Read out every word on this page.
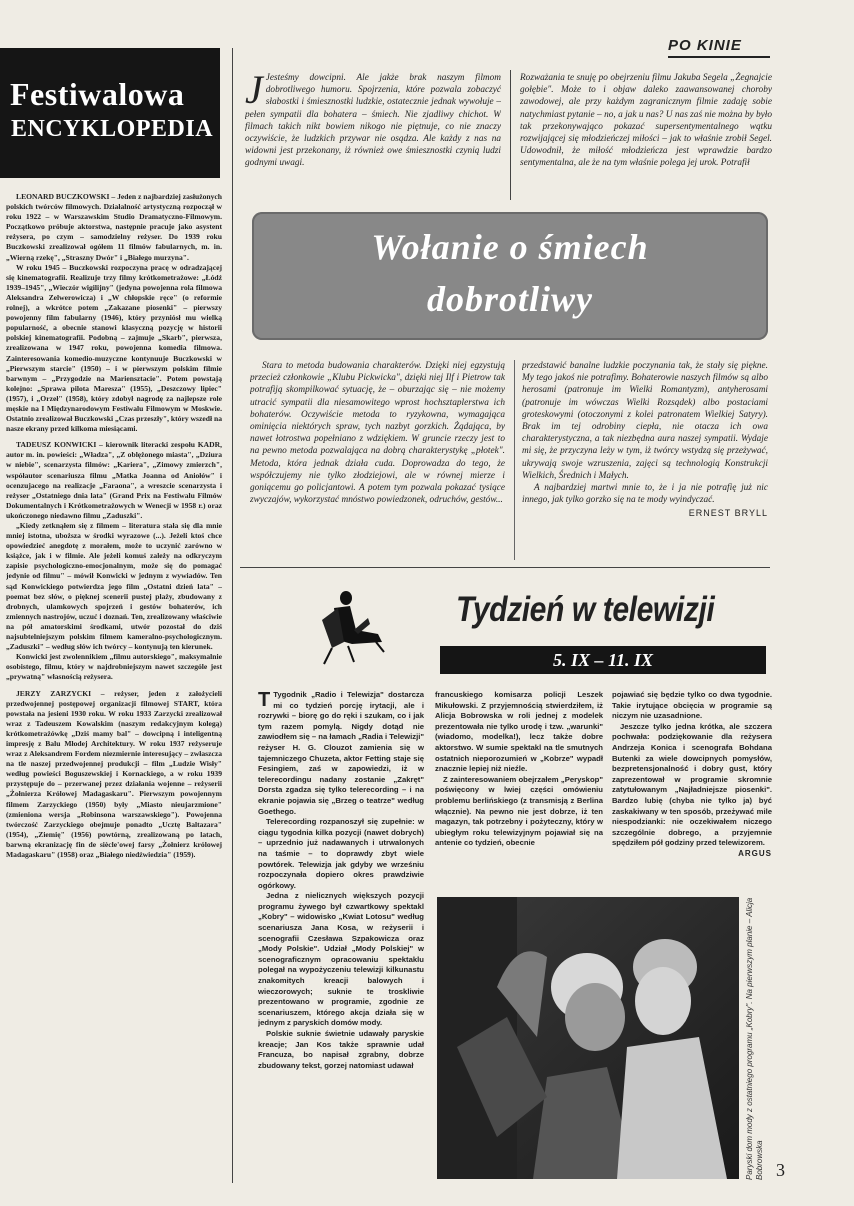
PO KINIE
Festiwalowa
ENCYKLOPEDIA

LEONARD BUCZKOWSKI – Jeden z najbardziej zasłużonych polskich twórców filmowych. Działalność artystyczną rozpoczął w roku 1922 – w Warszawskim Studio Dramatyczno-Filmowym. Początkowo próbuje aktorstwa, następnie pracuje jako asystent reżysera, po czym – samodzielny reżyser. Do 1939 roku Buczkowski zrealizował ogółem 11 filmów fabularnych, m. in. „Wierną rzekę", „Straszny Dwór" i „Białego murzyna".

W roku 1945 – Buczkowski rozpoczyna pracę w odradzającej się kinematografii. Realizuje trzy filmy krótkometrażowe: „Łódź 1939–1945", „Wieczór wigilijny" (jedyna powojenna rola filmowa Aleksandra Zelwerowicza) i „W chłopskie ręce" (o reformie rolnej), a wkrótce potem „Zakazane piosenki" – pierwszy powojenny film fabularny (1946), który przyniósł mu wielką popularność, a obecnie stanowi klasyczną pozycję w historii polskiej kinematografii. Podobną – zajmuje „Skarb", pierwsza, zrealizowana w 1947 roku, powojenna komedia filmowa. Zainteresowania komedio-muzyczne kontynuuje Buczkowski w „Pierwszym starcie" (1950) – i w pierwszym polskim filmie barwnym – „Przygodzie na Mariensztacie". Potem powstają kolejno: „Sprawa pilota Maresza" (1955), „Deszczowy lipiec" (1957), i „Orzeł" (1958), który zdobył nagrodę za najlepsze role męskie na I Międzynarodowym Festiwalu Filmowym w Moskwie. Ostatnio zrealizował Buczkowski „Czas przeszły", który wszedł na nasze ekrany przed kilkoma miesiącami.

TADEUSZ KONWICKI – kierownik literacki zespołu KADR, autor m. in. powieści: „Władza", „Z oblężonego miasta", „Dziura w niebie", scenarzysta filmów: „Kariera", „Zimowy zmierzch", współautor scenariusza filmu „Matka Joanna od Aniołów" i ocenzujacego na realizacje „Faraona", a wreszcie scenarzysta i reżyser „Ostatniego dnia lata" (Grand Prix na Festiwalu Filmów Dokumentalnych i Krótkometrażowych w Wenecji w 1958 r.) oraz ukończonego niedawno filmu „Zaduszki".

„Kiedy zetknąłem się z filmem – literatura stała się dla mnie mniej istotna, uboższa w środki wyrazowe (...). Jeżeli ktoś chce opowiedzieć anegdotę z morałem, może to uczynić zarówno w książce, jak i w filmie. Ale jeżeli komuś zależy na odkryczym zapisie psychologiczno-emocjonalnym, może się do pomagać jedynie od filmu" – mówił Konwicki w jednym z wywiadów. Ten sąd Konwickiego potwierdza jego film „Ostatni dzień lata" – poemat bez słów, o pięknej scenerii pustej plaży, zbudowany z drobnych, ulamkowych spojrzeń i gestów bohaterów, ich zmiennych nastrojów, uczuć i doznań. Ten, zrealizowany właściwie na pół amatorskimi środkami, utwór pozostał do dziś najsubtelniejszym polskim filmem kameralno-psychologicznym. „Zaduszki" – według słów ich twórcy – kontynują ten kierunek.

Konwicki jest zwolennikiem „filmu autorskiego", maksymalnie osobistego, filmu, który w najdrobniejszym nawet szczególe jest „prywatną" własnością reżysera.

JERZY ZARZYCKI – reżyser, jeden z założycieli przedwojennej postępowej organizacji filmowej START, która powstała na jesieni 1930 roku. W roku 1933 Zarzycki zrealizował wraz z Tadeuszem Kowalskim (naszym redakcyjnym kolegą) krótkometrażówkę „Dziś mamy bal" – dowcipną i inteligentną impresję z Balu Młodej Architektury. W roku 1937 reżyseruje wraz z Aleksandrem Fordem niezmiernie interesujący – zwłaszcza na tle naszej przedwojennej produkcji – film „Ludzie Wisły" według powieści Boguszewskiej i Kornackiego, a w roku 1939 przystępuje do – przerwanej przez działania wojenne – reżyserii „Żołnierza Królowej Madagaskaru". Pierwszym powojennym filmem Zarzyckiego (1950) były „Miasto nieujarzmione" (zmieniona wersja „Robinsona warszawskiego"). Powojenna twórczość Zarzyckiego obejmuje ponadto „Ucztę Baltazara" (1954), „Ziemię" (1956) powtórną, zrealizowaną po latach, barwną ekranizację fin de siècle'owej farsy „Żołnierz królowej Madagaskaru" (1958) oraz „Białego niedźwiedzia" (1959).

J Jesteśmy dowcipni. Ale jakże brak naszym filmom dobrotliwego humoru. Spojrzenia, które pozwala zobaczyć słabostki i śmiesznostki ludzkie, ostatecznie jednak wywołuje – pełen sympatii dla bohatera – śmiech. Nie zjadliwy chichot. W filmach takich nikt bowiem nikogo nie piętnuje, co nie znaczy oczywiście, że ludzkich przywar nie osądza. Ale każdy z nas na widowni jest przekonany, iż również owe śmiesznostki czynią ludzi godnymi uwagi.
Rozważania te snuję po obejrzeniu filmu Jakuba Segela „Żegnajcie gołębie". Może to i objaw daleko zaawansowanej choroby zawodowej, ale przy każdym zagranicznym filmie zadaję sobie natychmiast pytanie – no, a jak u nas? U nas zaś nie można by było tak przekonywająco pokazać supersentymentalnego wątku rozwijającej się młodzieńczej miłości – jak to właśnie zrobił Segel. Udowodnił, że miłość młodzieńcza jest wprawdzie bardzo sentymentalna, ale że na tym właśnie polega jej urok. Potrafił
Wołanie o śmiech
dobrotliwy
Stara to metoda budowania charakterów. Dzięki niej egzystują przecież członkowie „Klubu Pickwicka", dzięki niej Ilf i Pietrow tak potrafiją skompilkować sytuację, że – oburzając się – nie możemy utracić sympatii dla niesamowitego wprost hochsztaplerstwa ich bohaterów. Oczywiście metoda to ryzykowna, wymagająca ominięcia niektórych spraw, tych nazbyt gorzkich. Żądająca, by nawet łotrostwa popełniano z wdziękiem. W gruncie rzeczy jest to na pewno metoda pozwalająca na dobrą charakterystykę „płotek". Metoda, która jednak działa cuda. Doprowadza do tego, że współczujemy nie tylko złodziejowi, ale w równej mierze i goniącemu go policjantowi. A potem tym pozwala pokazać tysiące zwyczajów, wykorzystać mnóstwo powiedzonek, odruchów, gestów...

przedstawić banalne ludzkie poczynania tak, że stały się piękne. My tego jakoś nie potrafimy. Bohaterowie naszych filmów są albo herosami (patronuje im Wielki Romantyzm), antyherosami (patronuje im wówczas Wielki Rozsądek) albo postaciami groteskowymi (otoczonymi z kolei patronatem Wielkiej Satyry). Brak im tej odrobiny ciepła, nie otacza ich owa charakterystyczna, a tak niezbędna aura naszej sympatii. Wydaje mi się, że przyczyna leży w tym, iż twórcy wstydzą się przeżywać, ukrywają swoje wzruszenia, zajęci są technologią Konstrukcji Wielkich, Średnich i Małych.

A najbardziej martwi mnie to, że i ja nie potrafię już nic innego, jak tylko gorzko się na te mody wyindyczać.

ERNEST BRYLL
Tydzień w telewizji
5. IX – 11. IX

T Tygodnik „Radio i Telewizja" dostarcza mi co tydzień porcję irytacji, ale i rozrywki – biorę go do ręki i szukam, co i jak tym razem pomylą. Nigdy dotąd nie zawiodłem się – na łamach „Radia i Telewizji" reżyser H. G. Clouzot zamienia się w tajemniczego Chuzeta, aktor Fetting staje się Fesingiem, zaś w zapowiedzi, iż w telerecordingu nadany zostanie „Zakręt" Dorsta zgadza się tylko telerecording – i na ekranie pojawia się „Brzeg o teatrze" według Goethego.

Telerecording rozpanoszył się zupełnie: w ciągu tygodnia kilka pozycji (nawet dobrych) – uprzednio już nadawanych i utrwalonych na taśmie – to doprawdy zbyt wiele powtórek. Telewizja jak gdyby we wrześniu rozpoczynała dopiero okres prawdziwie ogórkowy.

Jedna z nielicznych większych pozycji programu żywego był czwartkowy spektakl „Kobry" – widowisko „Kwiat Lotosu" według scenariusza Jana Kosa, w reżyserii i scenografii Czesława Szpakowicza oraz „Mody Polskie". Udział „Mody Polskiej" w scenograficznym opracowaniu spektaklu polegał na wypożyczeniu telewizji kilkunastu znakomitych kreacji balowych i wieczorowych; suknie te troskliwie prezentowano w programie, zgodnie ze scenariuszem, którego akcja działa się w jednym z paryskich domów mody.

Polskie suknie świetnie udawały paryskie kreacje; Jan Kos także sprawnie udał Francuza, bo napisał zgrabny, dobrze zbudowany tekst, gorzej natomiast udawał

francuskiego komisarza policji Leszek Mikułowski. Z przyjemnością stwierdziłem, iż Alicja Bobrowska w roli jednej z modelek prezentowała nie tylko urodę i tzw. „warunki" (wiadomo, modelka!), lecz także dobre aktorstwo. W sumie spektakl na tle smutnych ostatnich nieporozumień w „Kobrze" wypadł znacznie lepiej niż nieźle.

Z zainteresowaniem obejrzałem „Peryskop" poświęcony w lwiej części omówieniu problemu berlińskiego (z transmisją z Berlina włącznie). Na pewno nie jest dobrze, iż ten magazyn, tak potrzebny i pożyteczny, który w ubiegłym roku telewizyjnym pojawiał się na antenie co tydzień, obecnie

pojawiać się będzie tylko co dwa tygodnie. Takie irytujące obcięcia w programie są niczym nie uzasadnione.

Jeszcze tylko jedna krótka, ale szczera pochwała: podziękowanie dla reżysera Andrzeja Konica i scenografa Bohdana Butenki za wiele dowcipnych pomysłów, bezpretensjonalność i dobry gust, który zaprezentował w programie skromnie zatytułowanym „Najładniejsze piosenki". Bardzo lubię (chyba nie tylko ja) być zaskakiwany w ten sposób, przeżywać mile niespodzianki: nie oczekiwałem niczego szczególnie dobrego, a przyjemnie spędziłem pół godziny przed telewizorem.

ARGUS
Paryski dom mody z ostatniego programu „Kobry". Na pierwszym planie – Alicja Bobrowska 3
